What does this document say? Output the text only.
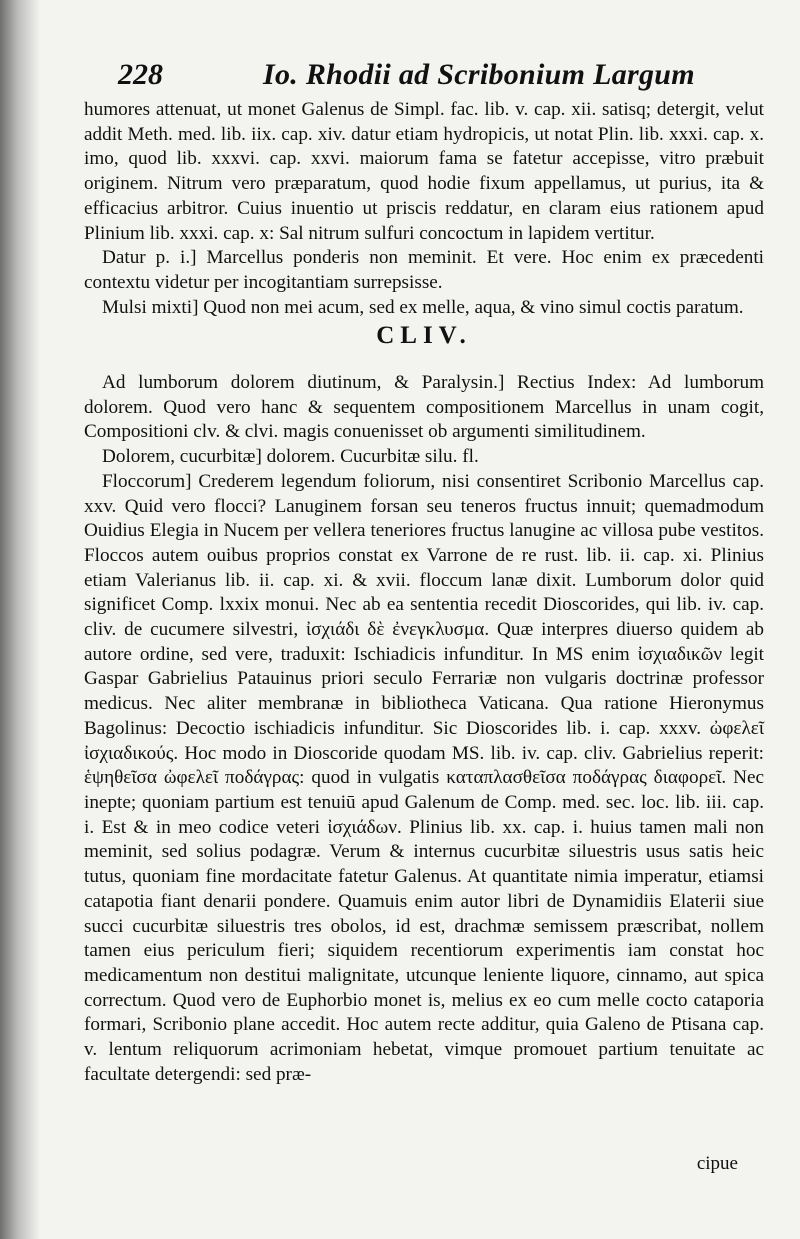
228	Io. Rhodii ad Scribonium Largum

humores attenuat, ut monet Galenus de Simpl. fac. lib. v. cap. xii. satisq; detergit, velut addit Meth. med. lib. iix. cap. xiv. datur etiam hydropicis, ut notat Plin. lib. xxxi. cap. x. imo, quod lib. xxxvi. cap. xxvi. maiorum fama se fatetur accepisse, vitro præbuit originem. Nitrum vero præparatum, quod hodie fixum appellamus, ut purius, ita & efficacius arbitror. Cuius inuentio ut priscis reddatur, en claram eius rationem apud Plinium lib. xxxi. cap. x: Sal nitrum sulfuri concoctum in lapidem vertitur.

Datur p. i.] Marcellus ponderis non meminit. Et vere. Hoc enim ex præcedenti contextu videtur per incogitantiam surrepsisse.

Mulsi mixti] Quod non mei acum, sed ex melle, aqua, & vino simul coctis paratum.

CLIV.

Ad lumborum dolorem diutinum, & Paralysin.] Rectius Index: Ad lumborum dolorem. Quod vero hanc & sequentem compositionem Marcellus in unam cogit, Compositioni clv. & clvi. magis conuenisset ob argumenti similitudinem.

Dolorem, cucurbitæ] dolorem. Cucurbitæ silu. fl.

Floccorum] Crederem legendum foliorum, nisi consentiret Scribonio Marcellus cap. xxv. Quid vero flocci? Lanuginem forsan seu teneros fructus innuit; quemadmodum Ouidius Elegia in Nucem per vellera teneriores fructus lanugine ac villosa pube vestitos. Floccos autem ouibus proprios constat ex Varrone de re rust. lib. ii. cap. xi. Plinius etiam Valerianus lib. ii. cap. xi. & xvii. floccum lanæ dixit. Lumborum dolor quid significet Comp. lxxix monui. Nec ab ea sententia recedit Dioscorides, qui lib. iv. cap. cliv. de cucumere silvestri, ἰσχιάδι δὲ ἐνεγκλυσμα. Quæ interpres diuerso quidem ab autore ordine, sed vere, traduxit: Ischiadicis infunditur. In MS enim ἰσχιαδικῶν legit Gaspar Gabrielius Patauinus priori seculo Ferrariæ non vulgaris doctrinæ professor medicus. Nec aliter membranæ in bibliotheca Vaticana. Qua ratione Hieronymus Bagolinus: Decoctio ischiadicis infunditur. Sic Dioscorides lib. i. cap. xxxv. ὠφελεῖ ἰσχιαδικούς. Hoc modo in Dioscoride quodam MS. lib. iv. cap. cliv. Gabrielius reperit: ἑψηθεῖσα ὠφελεῖ ποδάγρας: quod in vulgatis καταπλασθεῖσα ποδάγρας διαφορεῖ. Nec inepte; quoniam partium est tenuiū apud Galenum de Comp. med. sec. loc. lib. iii. cap. i. Est & in meo codice veteri ἰσχιάδων. Plinius lib. xx. cap. i. huius tamen mali non meminit, sed solius podagræ. Verum & internus cucurbitæ siluestris usus satis heic tutus, quoniam fine mordacitate fatetur Galenus. At quantitate nimia imperatur, etiamsi catapotia fiant denarii pondere. Quamuis enim autor libri de Dynamidiis Elaterii siue succi cucurbitæ siluestris tres obolos, id est, drachmæ semissem præscribat, nollem tamen eius periculum fieri; siquidem recentiorum experimentis iam constat hoc medicamentum non destitui malignitate, utcunque leniente liquore, cinnamo, aut spica correctum. Quod vero de Euphorbio monet is, melius ex eo cum melle cocto cataporia formari, Scribonio plane accedit. Hoc autem recte additur, quia Galeno de Ptisana cap. v. lentum reliquorum acrimoniam hebetat, vimque promouet partium tenuitate ac facultate detergendi: sed præ-

cipue
